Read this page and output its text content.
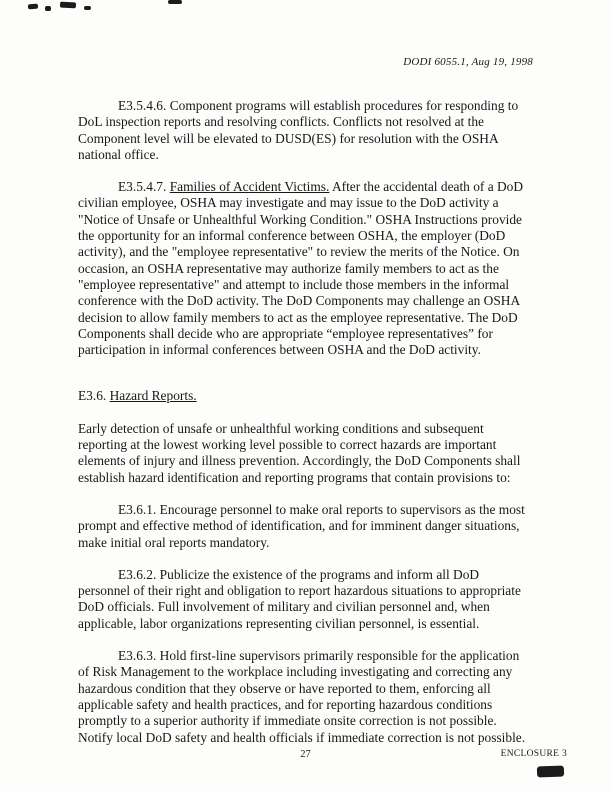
DODI 6055.1, Aug 19, 1998

E3.5.4.6. Component programs will establish procedures for responding to DoL inspection reports and resolving conflicts. Conflicts not resolved at the Component level will be elevated to DUSD(ES) for resolution with the OSHA national office.

E3.5.4.7. Families of Accident Victims. After the accidental death of a DoD civilian employee, OSHA may investigate and may issue to the DoD activity a "Notice of Unsafe or Unhealthful Working Condition." OSHA Instructions provide the opportunity for an informal conference between OSHA, the employer (DoD activity), and the "employee representative" to review the merits of the Notice. On occasion, an OSHA representative may authorize family members to act as the "employee representative" and attempt to include those members in the informal conference with the DoD activity. The DoD Components may challenge an OSHA decision to allow family members to act as the employee representative. The DoD Components shall decide who are appropriate “employee representatives” for participation in informal conferences between OSHA and the DoD activity.

E3.6. Hazard Reports.

Early detection of unsafe or unhealthful working conditions and subsequent reporting at the lowest working level possible to correct hazards are important elements of injury and illness prevention. Accordingly, the DoD Components shall establish hazard identification and reporting programs that contain provisions to:

E3.6.1. Encourage personnel to make oral reports to supervisors as the most prompt and effective method of identification, and for imminent danger situations, make initial oral reports mandatory.

E3.6.2. Publicize the existence of the programs and inform all DoD personnel of their right and obligation to report hazardous situations to appropriate DoD officials. Full involvement of military and civilian personnel and, when applicable, labor organizations representing civilian personnel, is essential.

E3.6.3. Hold first-line supervisors primarily responsible for the application of Risk Management to the workplace including investigating and correcting any hazardous condition that they observe or have reported to them, enforcing all applicable safety and health practices, and for reporting hazardous conditions promptly to a superior authority if immediate onsite correction is not possible. Notify local DoD safety and health officials if immediate correction is not possible.

27	ENCLOSURE 3
